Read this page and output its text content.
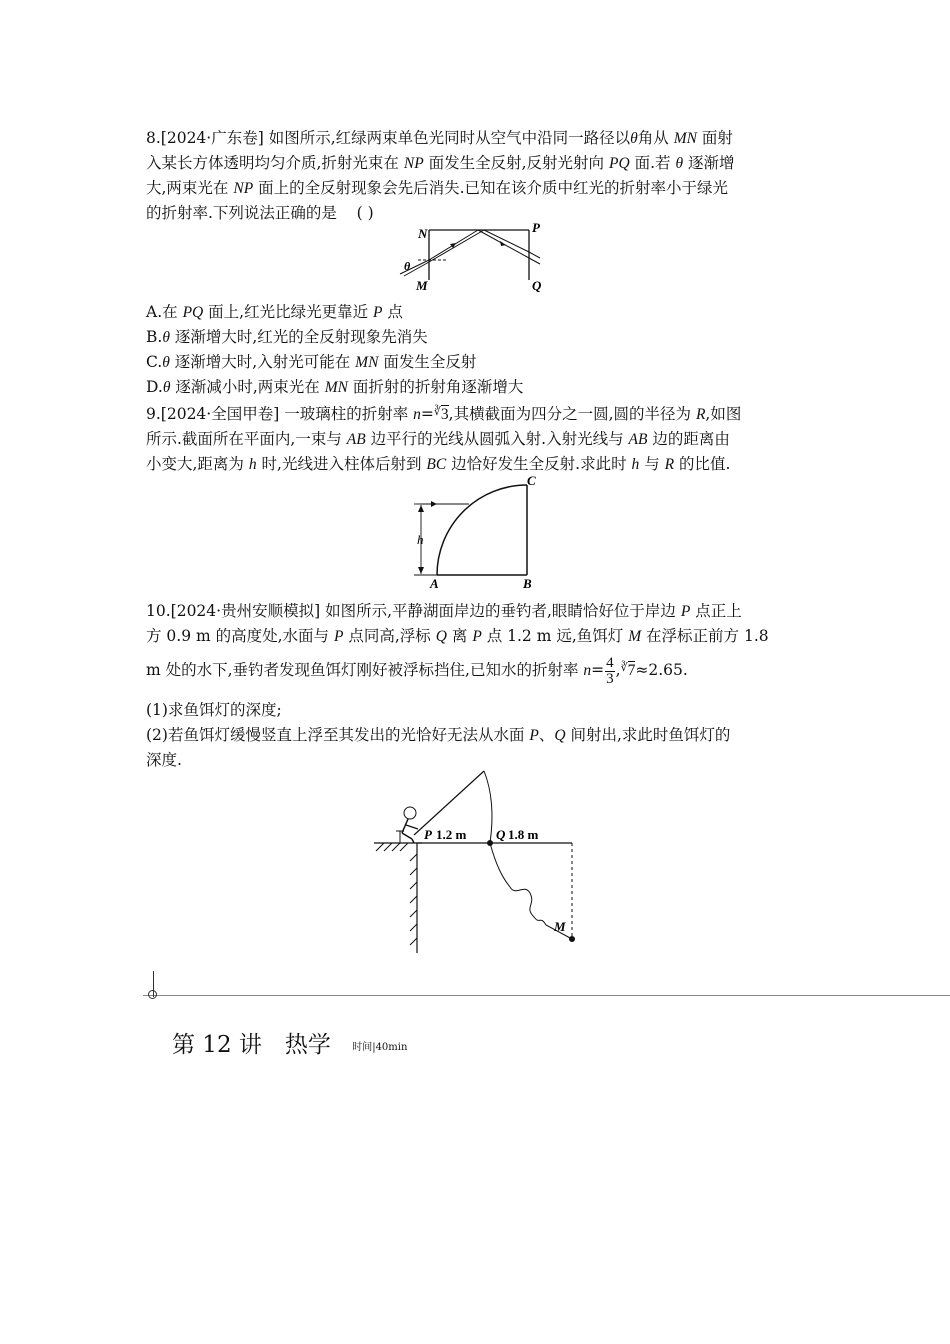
8.[2024·广东卷] 如图所示,红绿两束单色光同时从空气中沿同一路径以θ角从 MN 面射
入某长方体透明均匀介质,折射光束在 NP 面发生全反射,反射光射向 PQ 面.若 θ 逐渐增
大,两束光在 NP 面上的全反射现象会先后消失.已知在该介质中红光的折射率小于绿光
的折射率.下列说法正确的是 ( )
N	P
M	Q
θ
A.在 PQ 面上,红光比绿光更靠近 P 点
B.θ 逐渐增大时,红光的全反射现象先消失
C.θ 逐渐增大时,入射光可能在 MN 面发生全反射
D.θ 逐渐减小时,两束光在 MN 面折射的折射角逐渐增大
9.[2024·全国甲卷] 一玻璃柱的折射率 n=∛3,其横截面为四分之一圆,圆的半径为 R,如图
所示.截面所在平面内,一束与 AB 边平行的光线从圆弧入射.入射光线与 AB 边的距离由
小变大,距离为 h 时,光线进入柱体后射到 BC 边恰好发生全反射.求此时 h 与 R 的比值.
h
A	B
C
10.[2024·贵州安顺模拟] 如图所示,平静湖面岸边的垂钓者,眼睛恰好位于岸边 P 点正上
方 0.9 m 的高度处,水面与 P 点同高,浮标 Q 离 P 点 1.2 m 远,鱼饵灯 M 在浮标正前方 1.8
m 处的水下,垂钓者发现鱼饵灯刚好被浮标挡住,已知水的折射率 $n= \frac{4}{3} ,^∛7\approx 2.65$.
(1)求鱼饵灯的深度;
(2)若鱼饵灯缓慢竖直上浮至其发出的光恰好无法从水面 P、Q 间射出,求此时鱼饵灯的
深度.
P 1.2 m Q 1.8 m
M
第 12 讲　热学 时间|40min
